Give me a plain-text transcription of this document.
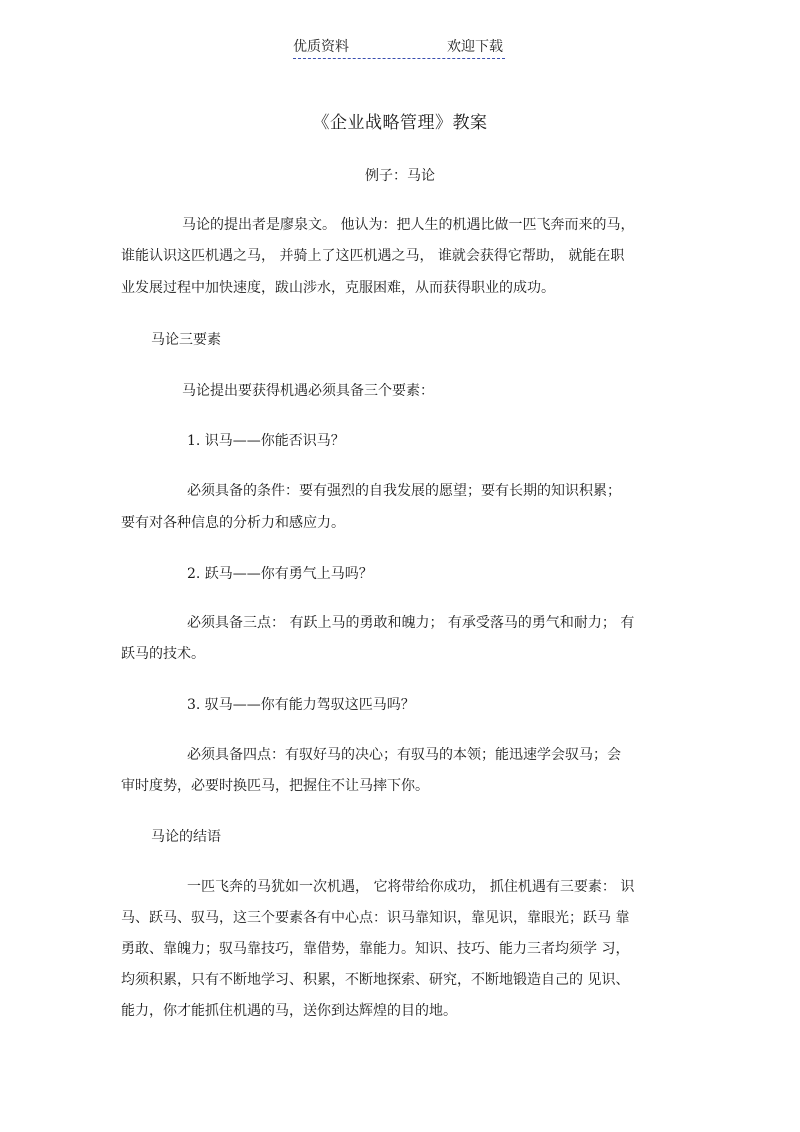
优质资料	欢迎下载
《企业战略管理》教案
例子：马论
马论的提出者是廖泉文。 他认为：把人生的机遇比做一匹飞奔而来的马，
谁能认识这匹机遇之马， 并骑上了这匹机遇之马， 谁就会获得它帮助， 就能在职
业发展过程中加快速度，跋山涉水，克服困难，从而获得职业的成功。
马论三要素
马论提出要获得机遇必须具备三个要素：
1. 识马——你能否识马？
必须具备的条件：要有强烈的自我发展的愿望；要有长期的知识积累；
要有对各种信息的分析力和感应力。
2. 跃马——你有勇气上马吗？
必须具备三点： 有跃上马的勇敢和魄力； 有承受落马的勇气和耐力； 有
跃马的技术。
3. 驭马——你有能力驾驭这匹马吗？
必须具备四点：有驭好马的决心；有驭马的本领；能迅速学会驭马；会
审时度势，必要时换匹马，把握住不让马摔下你。
马论的结语
一匹飞奔的马犹如一次机遇， 它将带给你成功， 抓住机遇有三要素： 识
马、跃马、驭马，这三个要素各有中心点：识马靠知识，靠见识，靠眼光；跃马 靠
勇敢、靠魄力；驭马靠技巧，靠借势，靠能力。知识、技巧、能力三者均须学 习，
均须积累，只有不断地学习、积累，不断地探索、研究，不断地锻造自己的 见识、
能力，你才能抓住机遇的马，送你到达辉煌的目的地。
